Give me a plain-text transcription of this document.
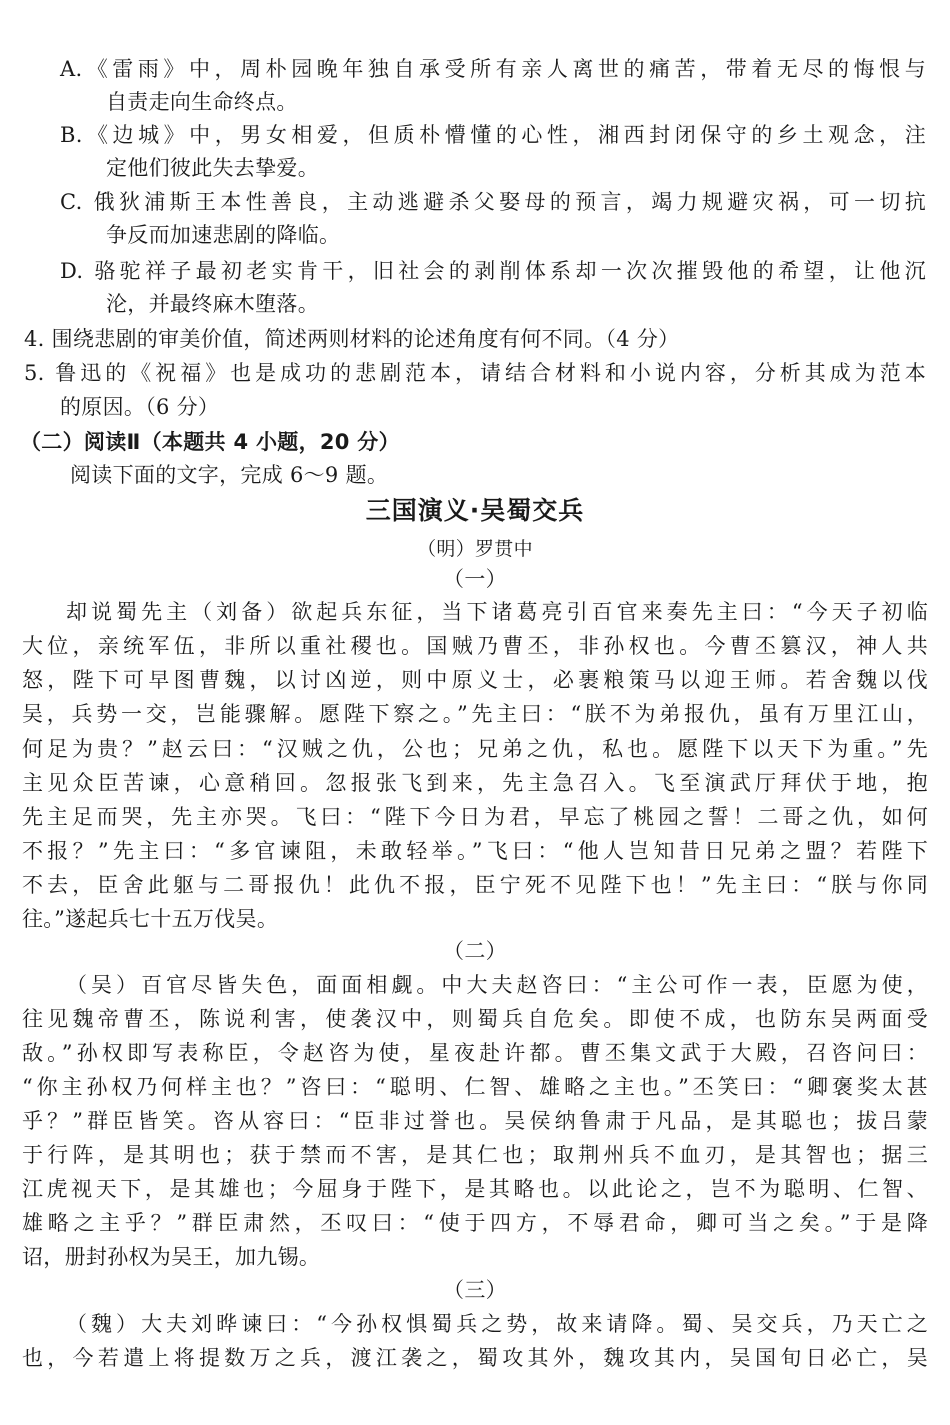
A.《雷雨》中，周朴园晚年独自承受所有亲人离世的痛苦，带着无尽的悔恨与
自责走向生命终点。
B.《边城》中，男女相爱，但质朴懵懂的心性，湘西封闭保守的乡土观念，注
定他们彼此失去挚爱。
C. 俄狄浦斯王本性善良，主动逃避杀父娶母的预言，竭力规避灾祸，可一切抗
争反而加速悲剧的降临。
D. 骆驼祥子最初老实肯干，旧社会的剥削体系却一次次摧毁他的希望，让他沉
沦，并最终麻木堕落。
4. 围绕悲剧的审美价值，简述两则材料的论述角度有何不同。（4 分）
5. 鲁迅的《祝福》也是成功的悲剧范本，请结合材料和小说内容，分析其成为范本
的原因。（6 分）
（二）阅读Ⅱ（本题共 4 小题，20 分）
阅读下面的文字，完成 6～9 题。
三国演义·吴蜀交兵
（明）罗贯中
（一）
却说蜀先主（刘备）欲起兵东征，当下诸葛亮引百官来奏先主曰：“今天子初临
大位，亲统军伍，非所以重社稷也。国贼乃曹丕，非孙权也。今曹丕篡汉，神人共
怒，陛下可早图曹魏，以讨凶逆，则中原义士，必裹粮策马以迎王师。若舍魏以伐
吴，兵势一交，岂能骤解。愿陛下察之。”先主曰：“朕不为弟报仇，虽有万里江山，
何足为贵？”赵云曰：“汉贼之仇，公也；兄弟之仇，私也。愿陛下以天下为重。”先
主见众臣苦谏，心意稍回。忽报张飞到来，先主急召入。飞至演武厅拜伏于地，抱
先主足而哭，先主亦哭。飞曰：“陛下今日为君，早忘了桃园之誓！二哥之仇，如何
不报？”先主曰：“多官谏阻，未敢轻举。”飞曰：“他人岂知昔日兄弟之盟？若陛下
不去，臣舍此躯与二哥报仇！此仇不报，臣宁死不见陛下也！”先主曰：“朕与你同
往。”遂起兵七十五万伐吴。
（二）
（吴）百官尽皆失色，面面相觑。中大夫赵咨曰：“主公可作一表，臣愿为使，
往见魏帝曹丕，陈说利害，使袭汉中，则蜀兵自危矣。即使不成，也防东吴两面受
敌。”孙权即写表称臣，令赵咨为使，星夜赴许都。曹丕集文武于大殿，召咨问曰：
“你主孙权乃何样主也？”咨曰：“聪明、仁智、雄略之主也。”丕笑曰：“卿褒奖太甚
乎？”群臣皆笑。咨从容曰：“臣非过誉也。吴侯纳鲁肃于凡品，是其聪也；拔吕蒙
于行阵，是其明也；获于禁而不害，是其仁也；取荆州兵不血刃，是其智也；据三
江虎视天下，是其雄也；今屈身于陛下，是其略也。以此论之，岂不为聪明、仁智、
雄略之主乎？”群臣肃然，丕叹曰：“使于四方，不辱君命，卿可当之矣。”于是降
诏，册封孙权为吴王，加九锡。
（三）
（魏）大夫刘晔谏曰：“今孙权惧蜀兵之势，故来请降。蜀、吴交兵，乃天亡之
也，今若遣上将提数万之兵，渡江袭之，蜀攻其外，魏攻其内，吴国旬日必亡，吴
